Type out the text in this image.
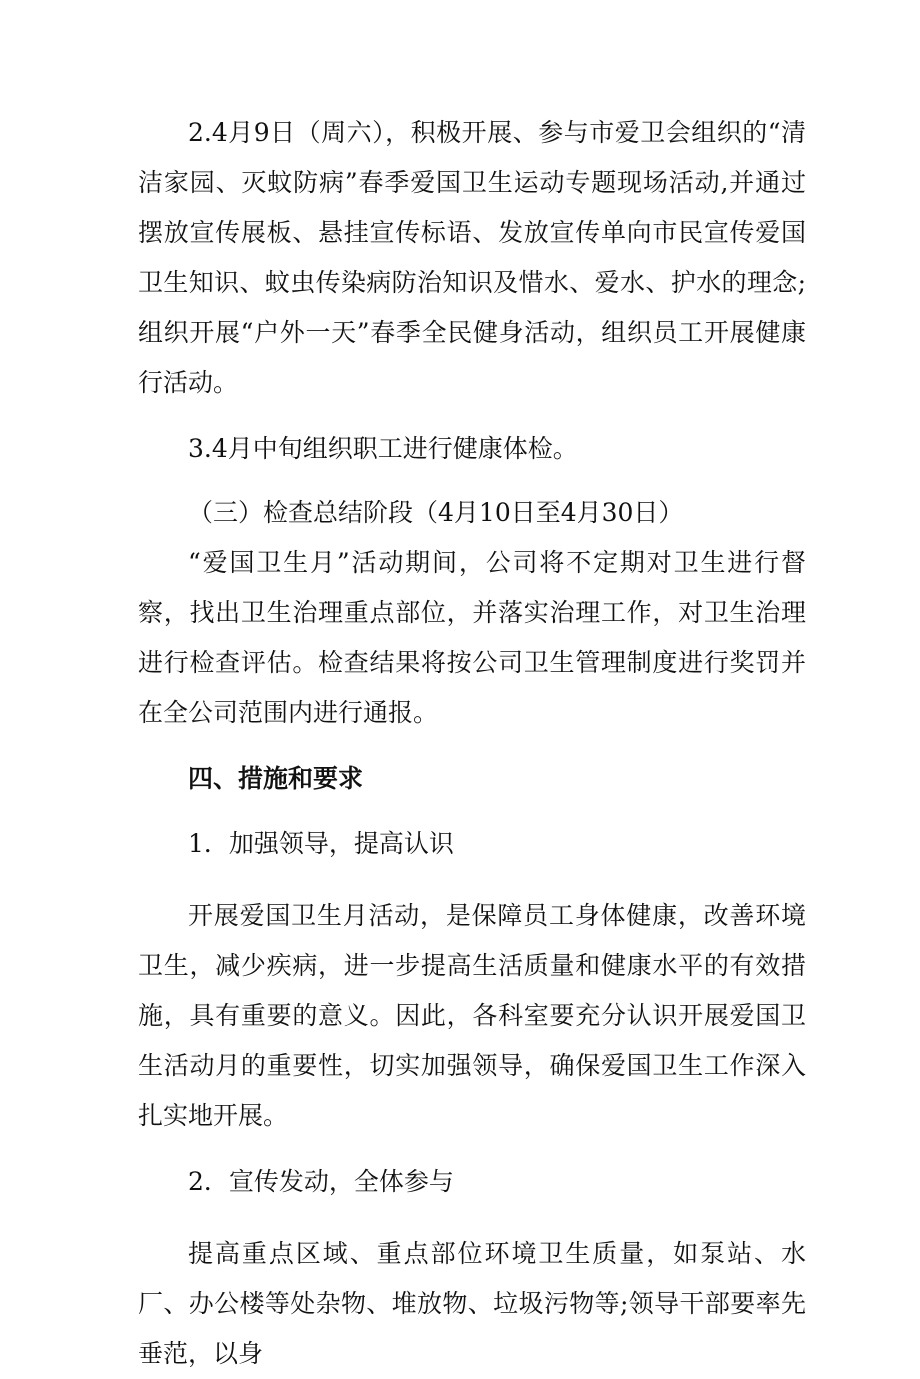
2.4月9日（周六），积极开展、参与市爱卫会组织的“清洁家园、灭蚊防病”春季爱国卫生运动专题现场活动,并通过摆放宣传展板、悬挂宣传标语、发放宣传单向市民宣传爱国卫生知识、蚊虫传染病防治知识及惜水、爱水、护水的理念;组织开展“户外一天”春季全民健身活动，组织员工开展健康行活动。

3.4月中旬组织职工进行健康体检。

（三）检查总结阶段（4月10日至4月30日）

“爱国卫生月”活动期间，公司将不定期对卫生进行督察，找出卫生治理重点部位，并落实治理工作，对卫生治理进行检查评估。检查结果将按公司卫生管理制度进行奖罚并在全公司范围内进行通报。

四、措施和要求

1．加强领导，提高认识

开展爱国卫生月活动，是保障员工身体健康，改善环境卫生，减少疾病，进一步提高生活质量和健康水平的有效措施，具有重要的意义。因此，各科室要充分认识开展爱国卫生活动月的重要性，切实加强领导，确保爱国卫生工作深入扎实地开展。

2．宣传发动，全体参与

提高重点区域、重点部位环境卫生质量，如泵站、水厂、办公楼等处杂物、堆放物、垃圾污物等;领导干部要率先垂范，以身
